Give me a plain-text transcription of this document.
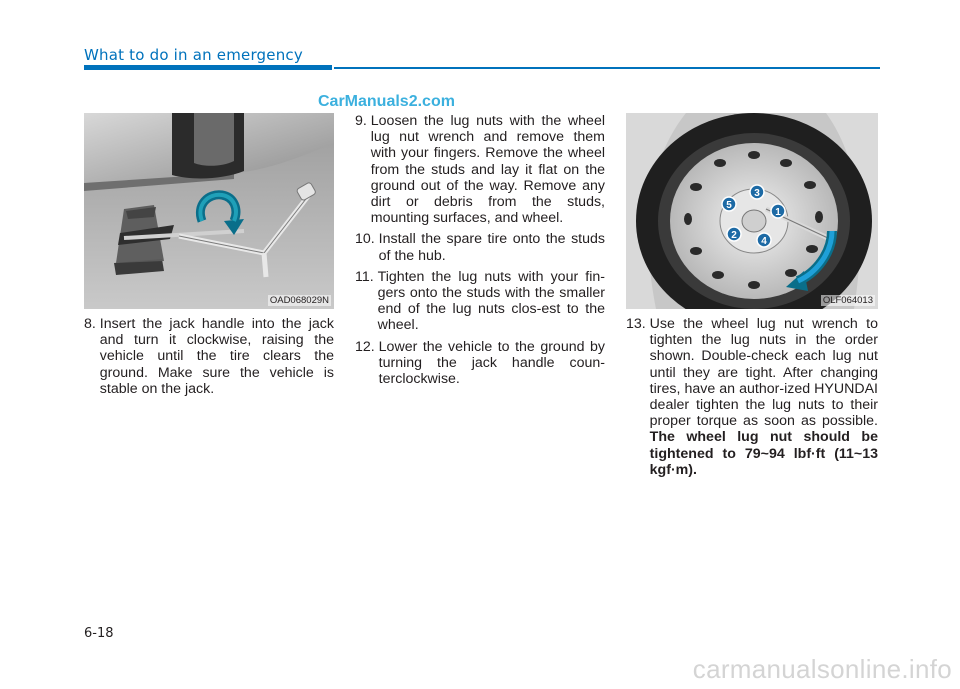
What to do in an emergency
CarManuals2.com
OAD068029N
1
2
3
4
5
OLF064013
8. Insert the jack handle into the jack and turn it clockwise, raising the vehicle until the tire clears the ground. Make sure the vehicle is stable on the jack.
9. Loosen the lug nuts with the wheel lug nut wrench and remove them with your fingers. Remove the wheel from the studs and lay it flat on the ground out of the way. Remove any dirt or debris from the studs, mounting surfaces, and wheel.
10. Install the spare tire onto the studs of the hub.
11. Tighten the lug nuts with your fin-gers onto the studs with the smaller end of the lug nuts clos-est to the wheel.
12. Lower the vehicle to the ground by turning the jack handle coun-terclockwise.
13. Use the wheel lug nut wrench to tighten the lug nuts in the order shown. Double-check each lug nut until they are tight. After changing tires, have an author-ized HYUNDAI dealer tighten the lug nuts to their proper torque as soon as possible. The wheel lug nut should be tightened to 79~94 lbf·ft (11~13 kgf·m).
6-18
carmanualsonline.info
